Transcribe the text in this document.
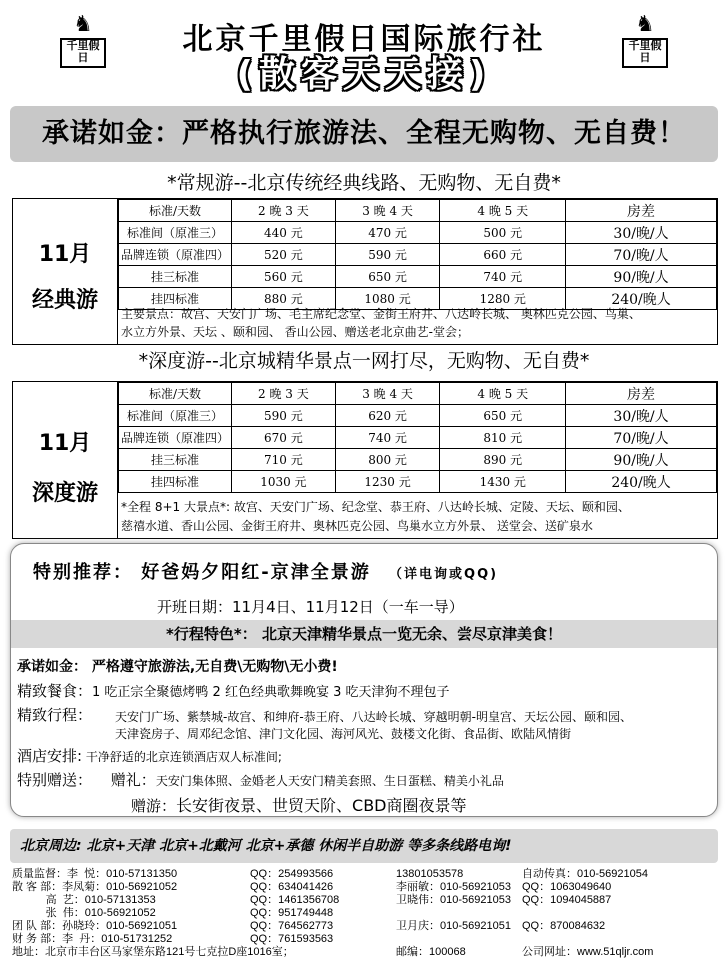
♞
千里假日
♞
千里假日
北京千里假日国际旅行社
(散客天天接)
承诺如金：严格执行旅游法、全程无购物、无自费！
*常规游--北京传统经典线路、无购物、无自费*
11月
经典游
标准/天数	2 晚 3 天	3 晚 4 天	4 晚 5 天	房差
标准间（原准三）	440 元	470 元	500 元	30/晚/人
品牌连锁（原准四）	520 元	590 元	660 元	70/晚/人
挂三标准	560 元	650 元	740 元	90/晚/人
挂四标准	880 元	1080 元	1280 元	240/晚人
主要景点：故宫、天安门广场、毛主席纪念堂、金街王府井、八达岭长城、 奥林匹克公园、鸟巢、
水立方外景、天坛 、颐和园、 香山公园、赠送老北京曲艺-堂会；
*深度游--北京城精华景点一网打尽，无购物、无自费*
11月
深度游
标准/天数	2 晚 3 天	3 晚 4 天	4 晚 5 天	房差
标准间（原准三）	590 元	620 元	650 元	30/晚/人
品牌连锁（原准四）	670 元	740 元	810 元	70/晚/人
挂三标准	710 元	800 元	890 元	90/晚/人
挂四标准	1030 元	1230 元	1430 元	240/晚人
*全程 8+1 大景点*: 故宫、天安门广场、纪念堂、恭王府、八达岭长城、定陵、天坛、颐和园、
慈禧水道、香山公园、金街王府井、奥林匹克公园、鸟巢水立方外景、 送堂会、送矿泉水
特别推荐： 好爸妈夕阳红-京津全景游 （详电询或QQ)
开班日期：11月4日、11月12日（一车一导）
*行程特色*： 北京天津精华景点一览无余、尝尽京津美食！
承诺如金： 严格遵守旅游法,无自费\无购物\无小费!
精致餐食：1 吃正宗全聚德烤鸭 2 红色经典歌舞晚宴 3 吃天津狗不理包子
精致行程： 天安门广场、紫禁城-故宫、和绅府-恭王府、八达岭长城、穿越明朝-明皇宫、天坛公园、颐和园、
天津瓷房子、周邓纪念馆、津门文化园、海河风光、鼓楼文化街、食品街、欧陆风情街
酒店安排: 干净舒适的北京连锁酒店双人标准间;
特别赠送： 赠礼：天安门集体照、金婚老人天安门精美套照、生日蛋糕、精美小礼品
赠游：长安街夜景、世贸天阶、CBD商圈夜景等
北京周边: 北京+天津 北京+北戴河 北京+承德 休闲半自助游 等多条线路电询!
质量监督：李  悦：010-57131350	QQ：254993566	13801053578	自动传真：010-56921054
散 客 部：李凤菊：010-56921052	QQ：634041426	李丽敏：010-56921053 QQ：1063049640
高  艺：010-57131353	QQ：1461356708	卫晓伟：010-56921053 QQ：1094045887
张  伟：010-56921052	QQ：951749448
团 队 部：孙晓玲：010-56921051	QQ：764562773	卫月庆：010-56921051 QQ：870084632
财 务 部：李  丹：010-51731252	QQ：761593563
地址：北京市丰台区马家堡东路121号七克拉D座1016室；	邮编：100068	公司网址：www.51qljr.com
